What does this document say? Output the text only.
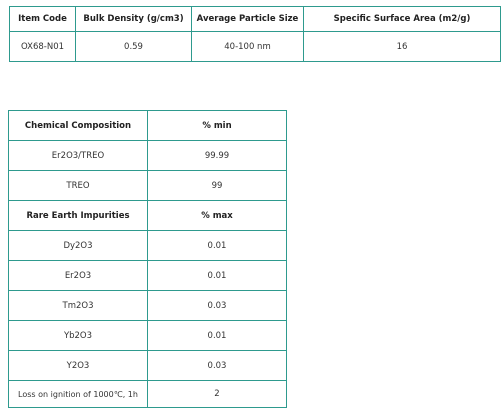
Item Code	Bulk Density (g/cm3)	Average Particle Size	Specific Surface Area (m2/g)
OX68-N01	0.59	40-100 nm	16
Chemical Composition	% min
Er2O3/TREO	99.99
TREO	99
Rare Earth Impurities	% max
Dy2O3	0.01
Er2O3	0.01
Tm2O3	0.03
Yb2O3	0.01
Y2O3	0.03
Loss on ignition of 1000℃, 1h	2
